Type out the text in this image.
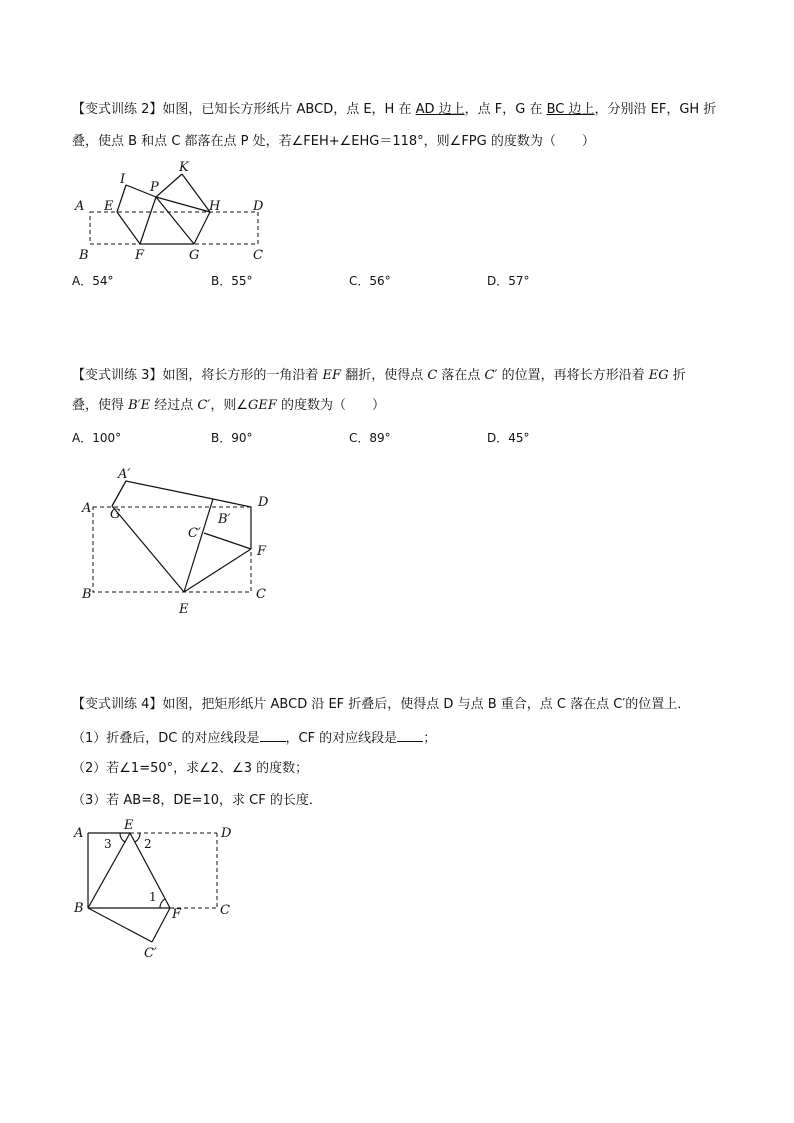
【变式训练 2】如图，已知长方形纸片 ABCD，点 E，H 在 AD 边上，点 F，G 在 BC 边上，分别沿 EF，GH 折
叠，使点 B 和点 C 都落在点 P 处，若∠FEH+∠EHG＝118°，则∠FPG 的度数为（　　）
I
P
K
A E	H	D
B	F	G	C
A．54°	B．55°	C．56°	D．57°
【变式训练 3】如图，将长方形的一角沿着 EF 翻折，使得点 C 落在点 C′ 的位置，再将长方形沿着 EG 折
叠，使得 B′E 经过点 C′，则∠GEF 的度数为（　　）
A．100°	B．90°	C．89°	D．45°
A′
A G
D
B′
C′
F
B
E
C
【变式训练 4】如图，把矩形纸片 ABCD 沿 EF 折叠后，使得点 D 与点 B 重合，点 C 落在点 C′的位置上．
（1）折叠后，DC 的对应线段是 ，CF 的对应线段是 ；
（2）若∠1=50°，求∠2、∠3 的度数；
（3）若 AB=8，DE=10，求 CF 的长度．
A
E
D
3	2
1
B	F	C
C′
